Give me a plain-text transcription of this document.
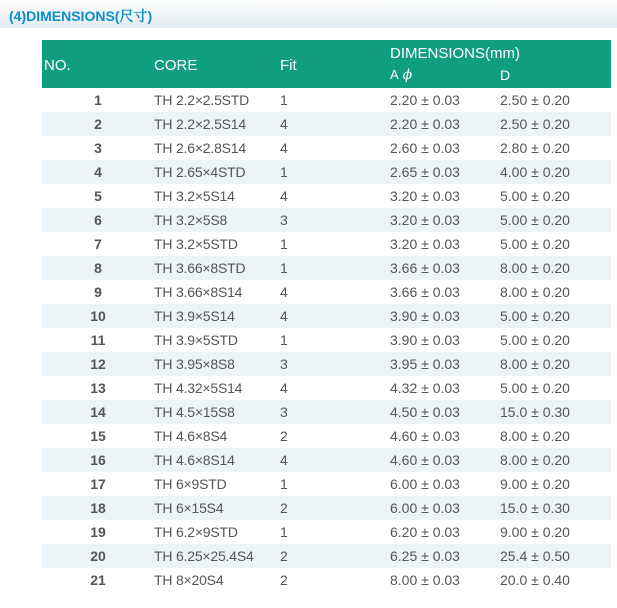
(4)DIMENSIONS(尺寸)
NO.	CORE	Fit	DIMENSIONS(mm)
A ϕ D	

1	TH 2.2×2.5STD	1	2.20 ± 0.03	2.50 ± 0.20
2	TH 2.2×2.5S14	4	2.20 ± 0.03	2.50 ± 0.20
3	TH 2.6×2.8S14	4	2.60 ± 0.03	2.80 ± 0.20
4	TH 2.65×4STD	1	2.65 ± 0.03	4.00 ± 0.20
5	TH 3.2×5S14	4	3.20 ± 0.03	5.00 ± 0.20
6	TH 3.2×5S8	3	3.20 ± 0.03	5.00 ± 0.20
7	TH 3.2×5STD	1	3.20 ± 0.03	5.00 ± 0.20
8	TH 3.66×8STD	1	3.66 ± 0.03	8.00 ± 0.20
9	TH 3.66×8S14	4	3.66 ± 0.03	8.00 ± 0.20
10	TH 3.9×5S14	4	3.90 ± 0.03	5.00 ± 0.20
11	TH 3.9×5STD	1	3.90 ± 0.03	5.00 ± 0.20
12	TH 3.95×8S8	3	3.95 ± 0.03	8.00 ± 0.20
13	TH 4.32×5S14	4	4.32 ± 0.03	5.00 ± 0.20
14	TH 4.5×15S8	3	4.50 ± 0.03	15.0 ± 0.30
15	TH 4.6×8S4	2	4.60 ± 0.03	8.00 ± 0.20
16	TH 4.6×8S14	4	4.60 ± 0.03	8.00 ± 0.20
17	TH 6×9STD	1	6.00 ± 0.03	9.00 ± 0.20
18	TH 6×15S4	2	6.00 ± 0.03	15.0 ± 0.30
19	TH 6.2×9STD	1	6.20 ± 0.03	9.00 ± 0.20
20	TH 6.25×25.4S4	2	6.25 ± 0.03	25.4 ± 0.50
21	TH 8×20S4	2	8.00 ± 0.03	20.0 ± 0.40
